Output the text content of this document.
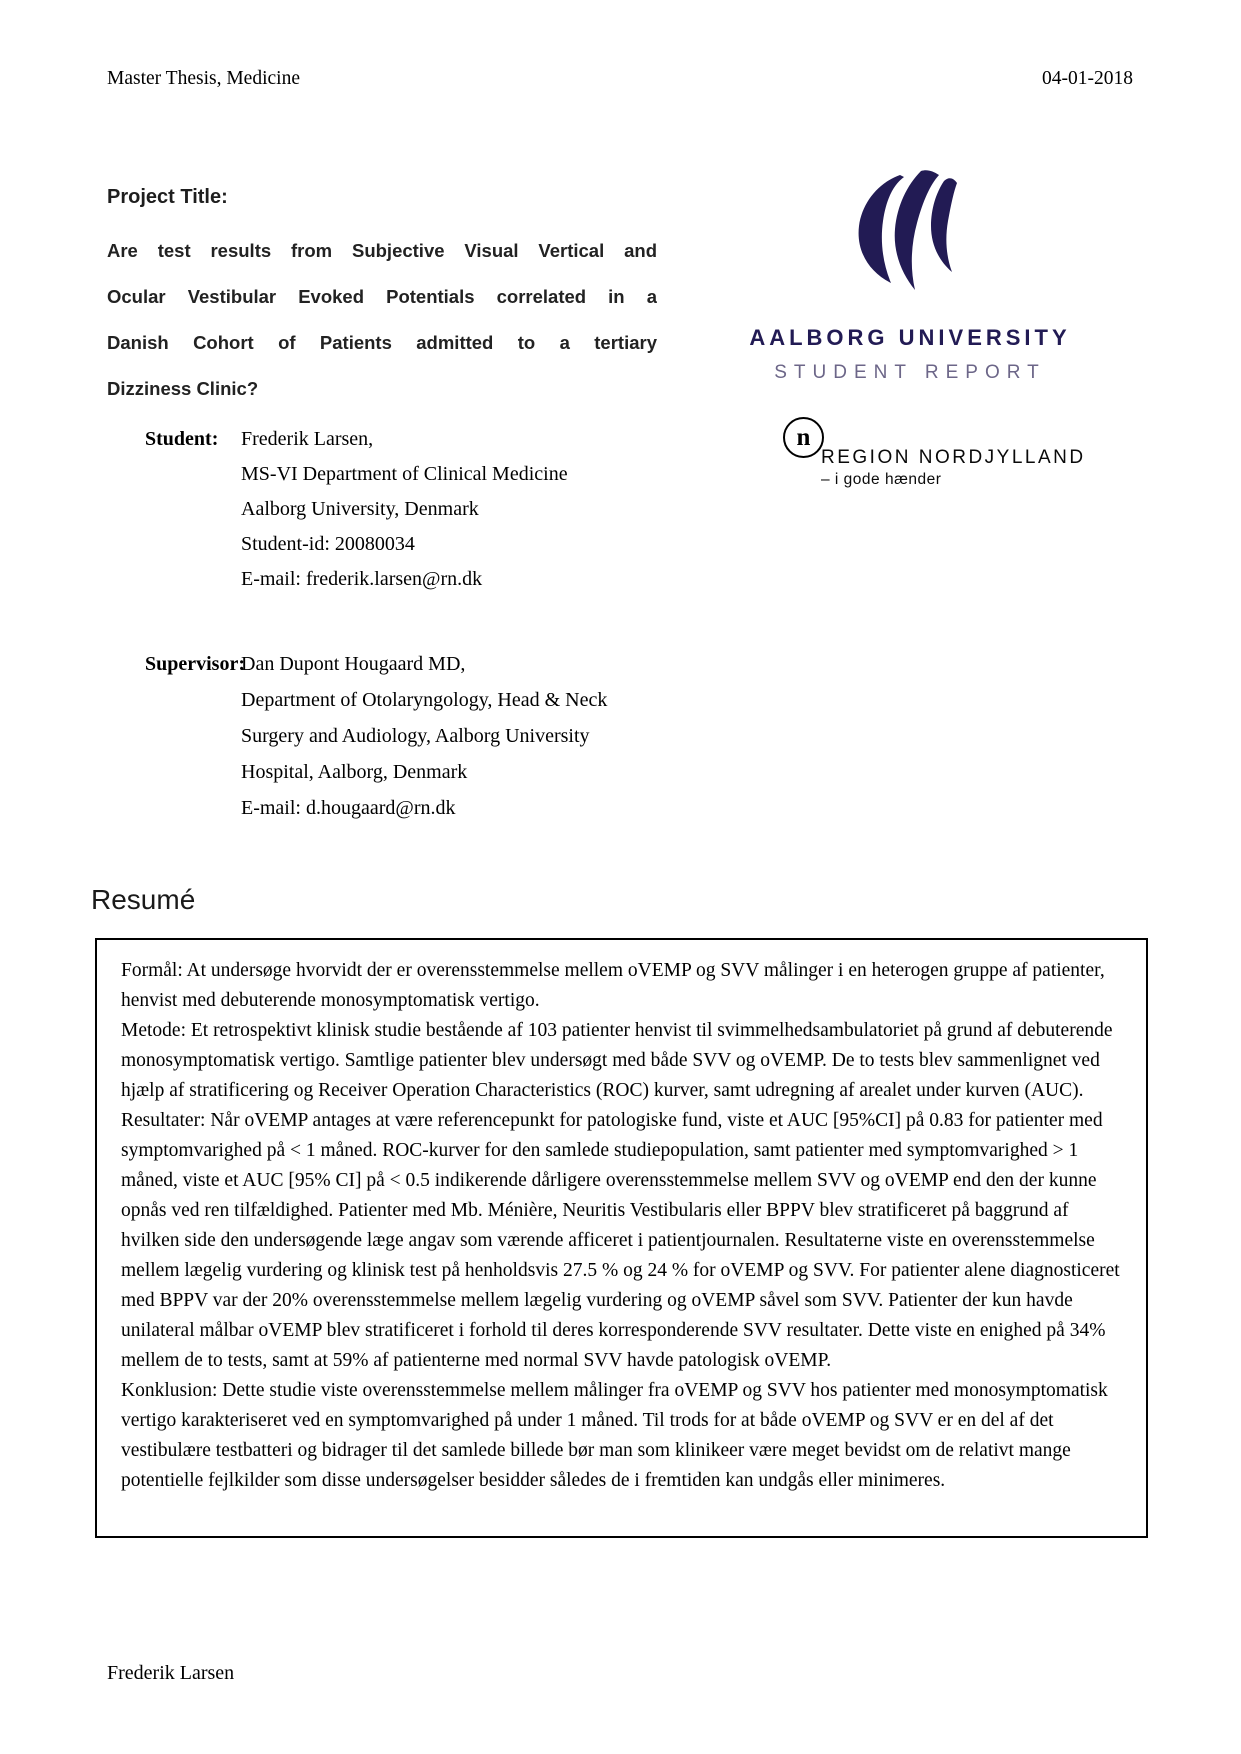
Master Thesis, Medicine	04-01-2018
Project Title:
Are test results from Subjective Visual Vertical and
Ocular Vestibular Evoked Potentials correlated in a
Danish Cohort of Patients admitted to a tertiary
Dizziness Clinic?
Student:	Frederik Larsen,
MS-VI Department of Clinical Medicine
Aalborg University, Denmark
Student-id: 20080034
E-mail: frederik.larsen@rn.dk
Supervisor:
Dan Dupont Hougaard MD,
Department of Otolaryngology, Head & Neck
Surgery and Audiology, Aalborg University
Hospital, Aalborg, Denmark
E-mail: d.hougaard@rn.dk
AALBORG UNIVERSITY
STUDENT REPORT
n
REGION NORDJYLLAND
– i gode hænder
Resumé

Formål: At undersøge hvorvidt der er overensstemmelse mellem oVEMP og SVV målinger i en heterogen gruppe af patienter, henvist med debuterende monosymptomatisk vertigo.

Metode: Et retrospektivt klinisk studie bestående af 103 patienter henvist til svimmelhedsambulatoriet på grund af debuterende monosymptomatisk vertigo. Samtlige patienter blev undersøgt med både SVV og oVEMP. De to tests blev sammenlignet ved hjælp af stratificering og Receiver Operation Characteristics (ROC) kurver, samt udregning af arealet under kurven (AUC).

Resultater: Når oVEMP antages at være referencepunkt for patologiske fund, viste et AUC [95%CI] på 0.83 for patienter med symptomvarighed på < 1 måned. ROC-kurver for den samlede studiepopulation, samt patienter med symptomvarighed > 1 måned, viste et AUC [95% CI] på < 0.5 indikerende dårligere overensstemmelse mellem SVV og oVEMP end den der kunne opnås ved ren tilfældighed. Patienter med Mb. Ménière, Neuritis Vestibularis eller BPPV blev stratificeret på baggrund af hvilken side den undersøgende læge angav som værende afficeret i patientjournalen. Resultaterne viste en overensstemmelse mellem lægelig vurdering og klinisk test på henholdsvis 27.5 % og 24 % for oVEMP og SVV. For patienter alene diagnosticeret med BPPV var der 20% overensstemmelse mellem lægelig vurdering og oVEMP såvel som SVV. Patienter der kun havde unilateral målbar oVEMP blev stratificeret i forhold til deres korresponderende SVV resultater. Dette viste en enighed på 34% mellem de to tests, samt at 59% af patienterne med normal SVV havde patologisk oVEMP.

Konklusion: Dette studie viste overensstemmelse mellem målinger fra oVEMP og SVV hos patienter med monosymptomatisk vertigo karakteriseret ved en symptomvarighed på under 1 måned. Til trods for at både oVEMP og SVV er en del af det vestibulære testbatteri og bidrager til det samlede billede bør man som klinikeer være meget bevidst om de relativt mange potentielle fejlkilder som disse undersøgelser besidder således de i fremtiden kan undgås eller minimeres.

Frederik Larsen
